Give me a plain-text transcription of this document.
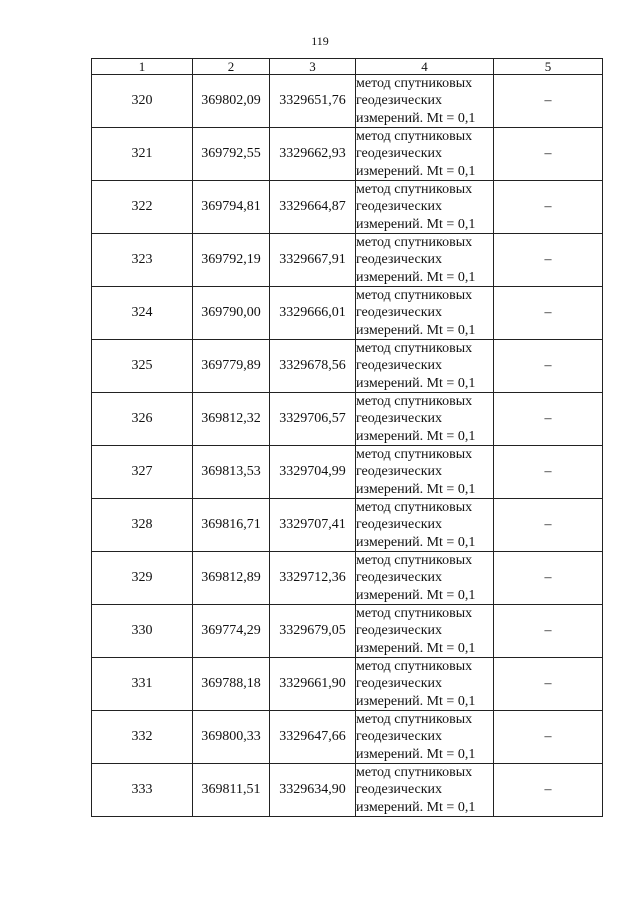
119
1	2	3	4	5
320	369802,09	3329651,76	метод спутниковых
геодезических
измерений. Mt = 0,1	–
321	369792,55	3329662,93	метод спутниковых
геодезических
измерений. Mt = 0,1	–
322	369794,81	3329664,87	метод спутниковых
геодезических
измерений. Mt = 0,1	–
323	369792,19	3329667,91	метод спутниковых
геодезических
измерений. Mt = 0,1	–
324	369790,00	3329666,01	метод спутниковых
геодезических
измерений. Mt = 0,1	–
325	369779,89	3329678,56	метод спутниковых
геодезических
измерений. Mt = 0,1	–
326	369812,32	3329706,57	метод спутниковых
геодезических
измерений. Mt = 0,1	–
327	369813,53	3329704,99	метод спутниковых
геодезических
измерений. Mt = 0,1	–
328	369816,71	3329707,41	метод спутниковых
геодезических
измерений. Mt = 0,1	–
329	369812,89	3329712,36	метод спутниковых
геодезических
измерений. Mt = 0,1	–
330	369774,29	3329679,05	метод спутниковых
геодезических
измерений. Mt = 0,1	–
331	369788,18	3329661,90	метод спутниковых
геодезических
измерений. Mt = 0,1	–
332	369800,33	3329647,66	метод спутниковых
геодезических
измерений. Mt = 0,1	–
333	369811,51	3329634,90	метод спутниковых
геодезических
измерений. Mt = 0,1	–
